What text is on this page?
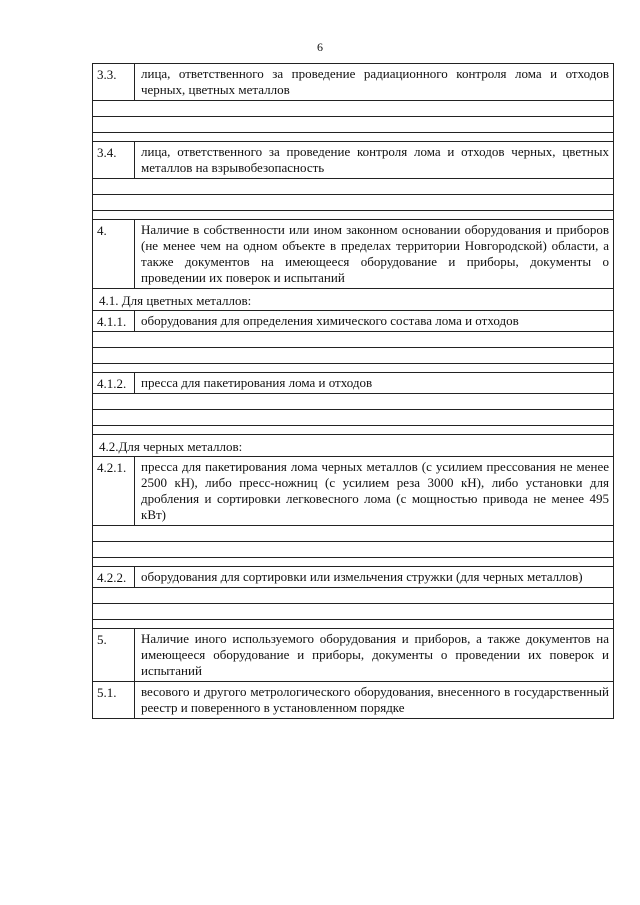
6
3.3.	лица, ответственного за проведение радиационного контроля лома и отходов черных, цветных металлов
3.4.	лица, ответственного за проведение контроля лома и отходов черных, цветных металлов на взрывобезопасность
4.	Наличие в собственности или ином законном основании оборудования и приборов (не менее чем на одном объекте в пределах территории Новгородской) области, а также документов на имеющееся оборудование и приборы, документы о проведении их поверок и испытаний
4.1. Для цветных металлов:
4.1.1.	оборудования для определения химического состава лома и отходов
4.1.2.	пресса для пакетирования лома и отходов
4.2.Для черных металлов:
4.2.1.	пресса для пакетирования лома черных металлов (с усилием прессования не менее 2500 кН), либо пресс-ножниц (с усилием реза 3000 кН), либо установки для дробления и сортировки легковесного лома (с мощностью привода не менее 495 кВт)
4.2.2.	оборудования для сортировки или измельчения стружки (для черных металлов)
5.	Наличие иного используемого оборудования и приборов, а также документов на имеющееся оборудование и приборы, документы о проведении их поверок и испытаний
5.1.	весового и другого метрологического оборудования, внесенного в государственный реестр и поверенного в установленном порядке
